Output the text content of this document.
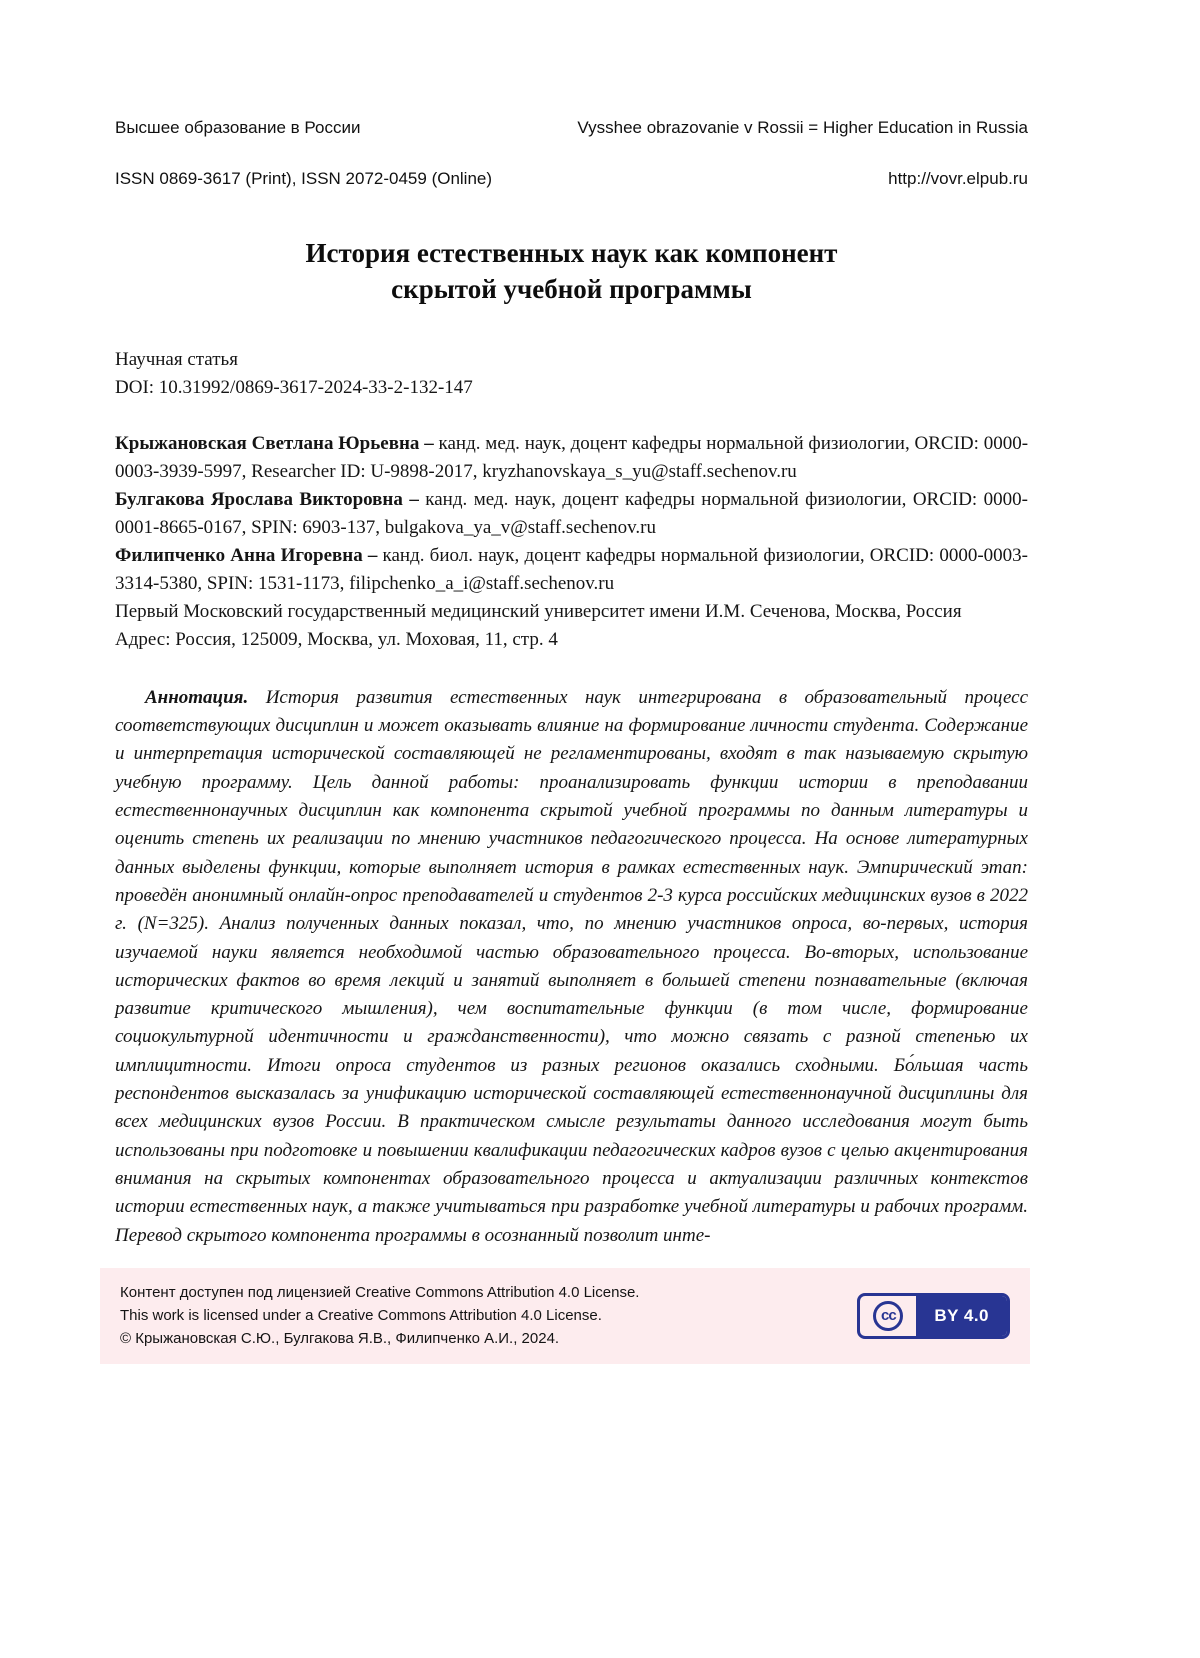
Высшее образование в России	Vysshee obrazovanie v Rossii = Higher Education in Russia
ISSN 0869-3617 (Print), ISSN 2072-0459 (Online)	http://vovr.elpub.ru
История естественных наук как компонент
скрытой учебной программы
Научная статья
DOI: 10.31992/0869-3617-2024-33-2-132-147

Крыжановская Светлана Юрьевна – канд. мед. наук, доцент кафедры нормальной физиологии, ORCID: 0000-0003-3939-5997, Researcher ID: U-9898-2017, kryzhanovskaya_s_yu@staff.sechenov.ru

Булгакова Ярослава Викторовна – канд. мед. наук, доцент кафедры нормальной физиологии, ORCID: 0000-0001-8665-0167, SPIN: 6903-137, bulgakova_ya_v@staff.sechenov.ru

Филипченко Анна Игоревна – канд. биол. наук, доцент кафедры нормальной физиологии, ORCID: 0000-0003-3314-5380, SPIN: 1531-1173, filipchenko_a_i@staff.sechenov.ru

Первый Московский государственный медицинский университет имени И.М. Сеченова, Москва, Россия

Адрес: Россия, 125009, Москва, ул. Моховая, 11, стр. 4

Аннотация. История развития естественных наук интегрирована в образовательный процесс соответствующих дисциплин и может оказывать влияние на формирование личности студента. Содержание и интерпретация исторической составляющей не регламентированы, входят в так называемую скрытую учебную программу. Цель данной работы: проанализировать функции истории в преподавании естественнонаучных дисциплин как компонента скрытой учебной программы по данным литературы и оценить степень их реализации по мнению участников педагогического процесса. На основе литературных данных выделены функции, которые выполняет история в рамках естественных наук. Эмпирический этап: проведён анонимный онлайн-опрос преподавателей и студентов 2-3 курса российских медицинских вузов в 2022 г. (N=325). Анализ полученных данных показал, что, по мнению участников опроса, во-первых, история изучаемой науки является необходимой частью образовательного процесса. Во-вторых, использование исторических фактов во время лекций и занятий выполняет в большей степени познавательные (включая развитие критического мышления), чем воспитательные функции (в том числе, формирование социокультурной идентичности и гражданственности), что можно связать с разной степенью их имплицитности. Итоги опроса студентов из разных регионов оказались сходными. Бо́льшая часть респондентов высказалась за унификацию исторической составляющей естественнонаучной дисциплины для всех медицинских вузов России. В практическом смысле результаты данного исследования могут быть использованы при подготовке и повышении квалификации педагогических кадров вузов с целью акцентирования внимания на скрытых компонентах образовательного процесса и актуализации различных контекстов истории естественных наук, а также учитываться при разработке учебной литературы и рабочих программ. Перевод скрытого компонента программы в осознанный позволит инте-

Контент доступен под лицензией Creative Commons Attribution 4.0 License.
This work is licensed under a Creative Commons Attribution 4.0 License.
© Крыжановская С.Ю., Булгакова Я.В., Филипченко А.И., 2024.
cc	BY 4.0
